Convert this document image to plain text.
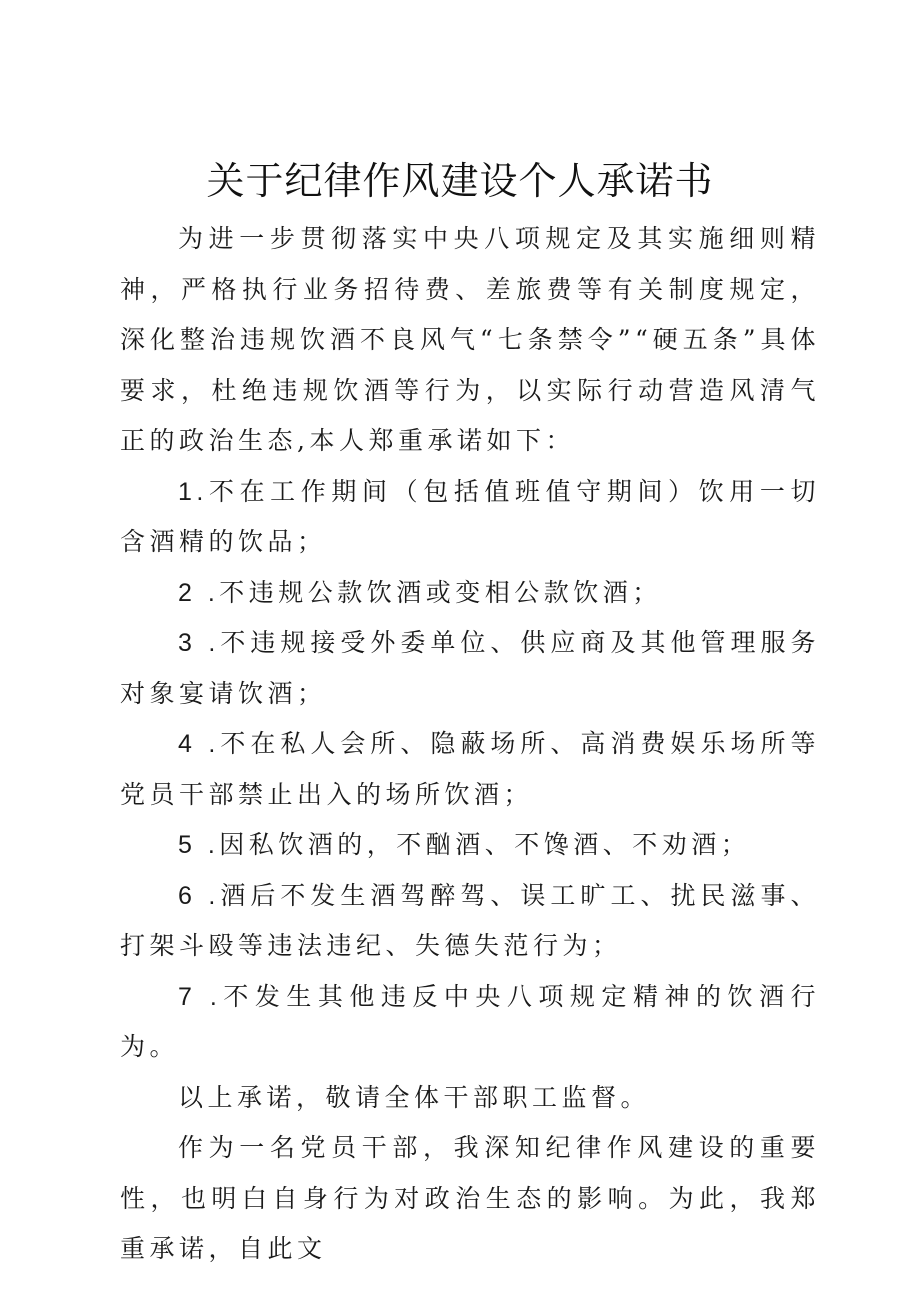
关于纪律作风建设个人承诺书

为进一步贯彻落实中央八项规定及其实施细则精神，严格执行业务招待费、差旅费等有关制度规定，深化整治违规饮酒不良风气“七条禁令”“硬五条”具体要求，杜绝违规饮酒等行为，以实际行动营造风清气正的政治生态,本人郑重承诺如下：

1.不在工作期间（包括值班值守期间）饮用一切含酒精的饮品；

2 .不违规公款饮酒或变相公款饮酒；

3 .不违规接受外委单位、供应商及其他管理服务对象宴请饮酒；

4 .不在私人会所、隐蔽场所、高消费娱乐场所等党员干部禁止出入的场所饮酒；

5 .因私饮酒的，不酗酒、不馋酒、不劝酒；

6 .酒后不发生酒驾醉驾、误工旷工、扰民滋事、打架斗殴等违法违纪、失德失范行为；

7 .不发生其他违反中央八项规定精神的饮酒行为。

以上承诺，敬请全体干部职工监督。

作为一名党员干部，我深知纪律作风建设的重要性，也明白自身行为对政治生态的影响。为此，我郑重承诺，自此文
